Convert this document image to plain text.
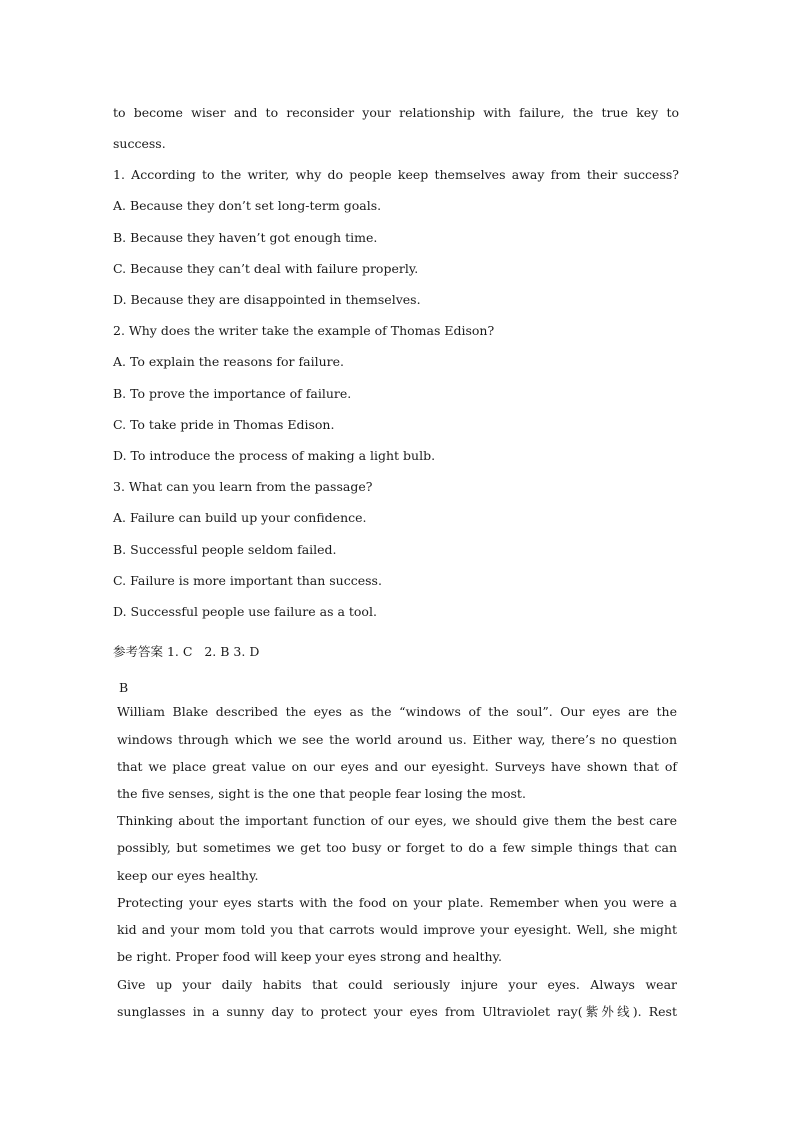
to become wiser and to reconsider your relationship with failure, the true key to
success.
1. According to the writer, why do people keep themselves away from their success?
A. Because they don’t set long-term goals.
B. Because they haven’t got enough time.
C. Because they can’t deal with failure properly.
D. Because they are disappointed in themselves.
2. Why does the writer take the example of Thomas Edison?
A. To explain the reasons for failure.
B. To prove the importance of failure.
C. To take pride in Thomas Edison.
D. To introduce the process of making a light bulb.
3. What can you learn from the passage?
A. Failure can build up your confidence.
B. Successful people seldom failed.
C. Failure is more important than success.
D. Successful people use failure as a tool.
参考答案 1. C   2. B 3. D
B
William Blake described the eyes as the “windows of the soul”. Our eyes are the
windows through which we see the world around us. Either way, there’s no question
that we place great value on our eyes and our eyesight. Surveys have shown that of
the five senses, sight is the one that people fear losing the most.
Thinking about the important function of our eyes, we should give them the best care
possibly, but sometimes we get too busy or forget to do a few simple things that can
keep our eyes healthy.
Protecting your eyes starts with the food on your plate. Remember when you were a
kid and your mom told you that carrots would improve your eyesight. Well, she might
be right. Proper food will keep your eyes strong and healthy.
Give up your daily habits that could seriously injure your eyes. Always wear
sunglasses in a sunny day to protect your eyes from Ultraviolet ray(紫外线). Rest
